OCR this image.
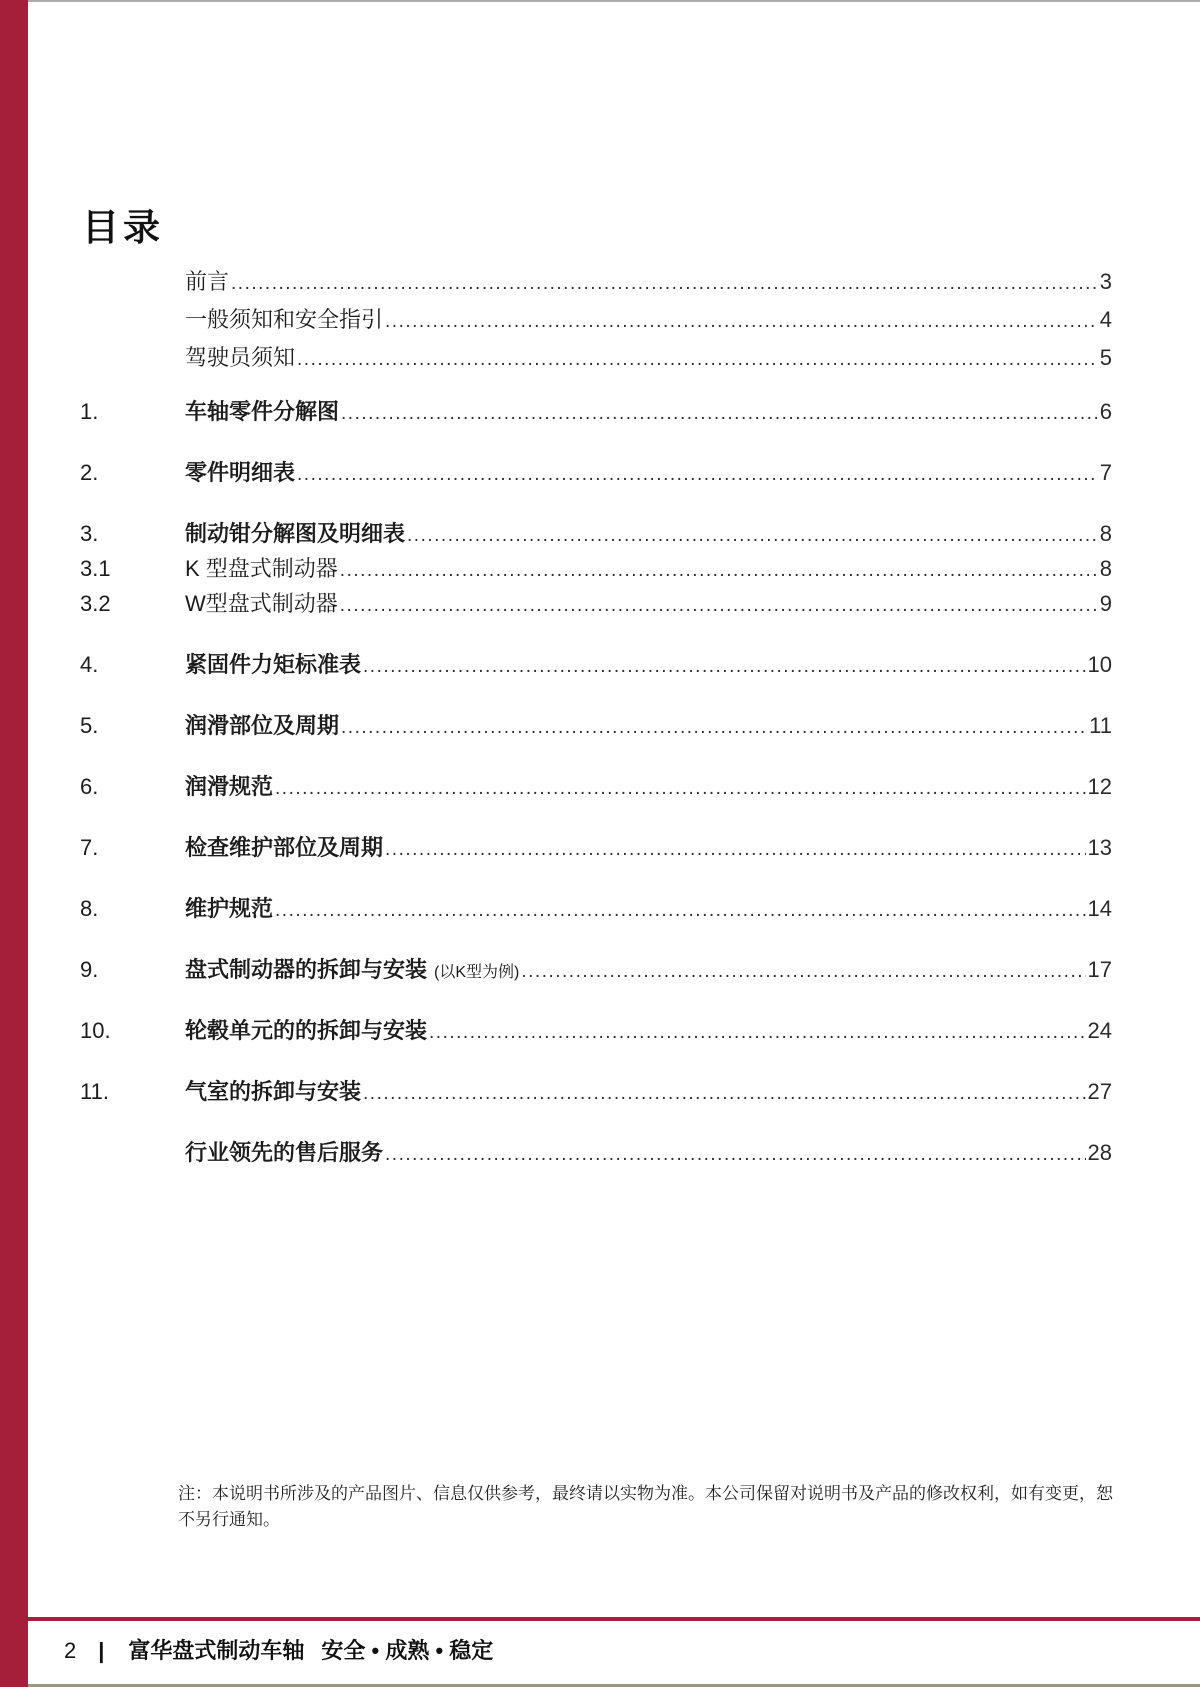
目录
前言 .....	3
一般须知和安全指引 .....	4
驾驶员须知 .....	5
1.	车轴零件分解图 .....	6
2.	零件明细表 .....	7
3.	制动钳分解图及明细表 .....	8
3.1	K 型盘式制动器 .....	8
3.2	W型盘式制动器 .....	9
4.	紧固件力矩标准表 .....	10
5.	润滑部位及周期 .....	11
6.	润滑规范 .....	12
7.	检查维护部位及周期 .....	13
8.	维护规范 .....	14
9.	盘式制动器的拆卸与安装 (以K型为例) .....	17
10.	轮毂单元的的拆卸与安装 .....	24
11.	气室的拆卸与安装 .....	27
行业领先的售后服务 .....	28
注：本说明书所涉及的产品图片、信息仅供参考，最终请以实物为准。本公司保留对说明书及产品的修改权利，如有变更，恕不另行通知。
2 | 富华盘式制动车轴 安全 • 成熟 • 稳定
